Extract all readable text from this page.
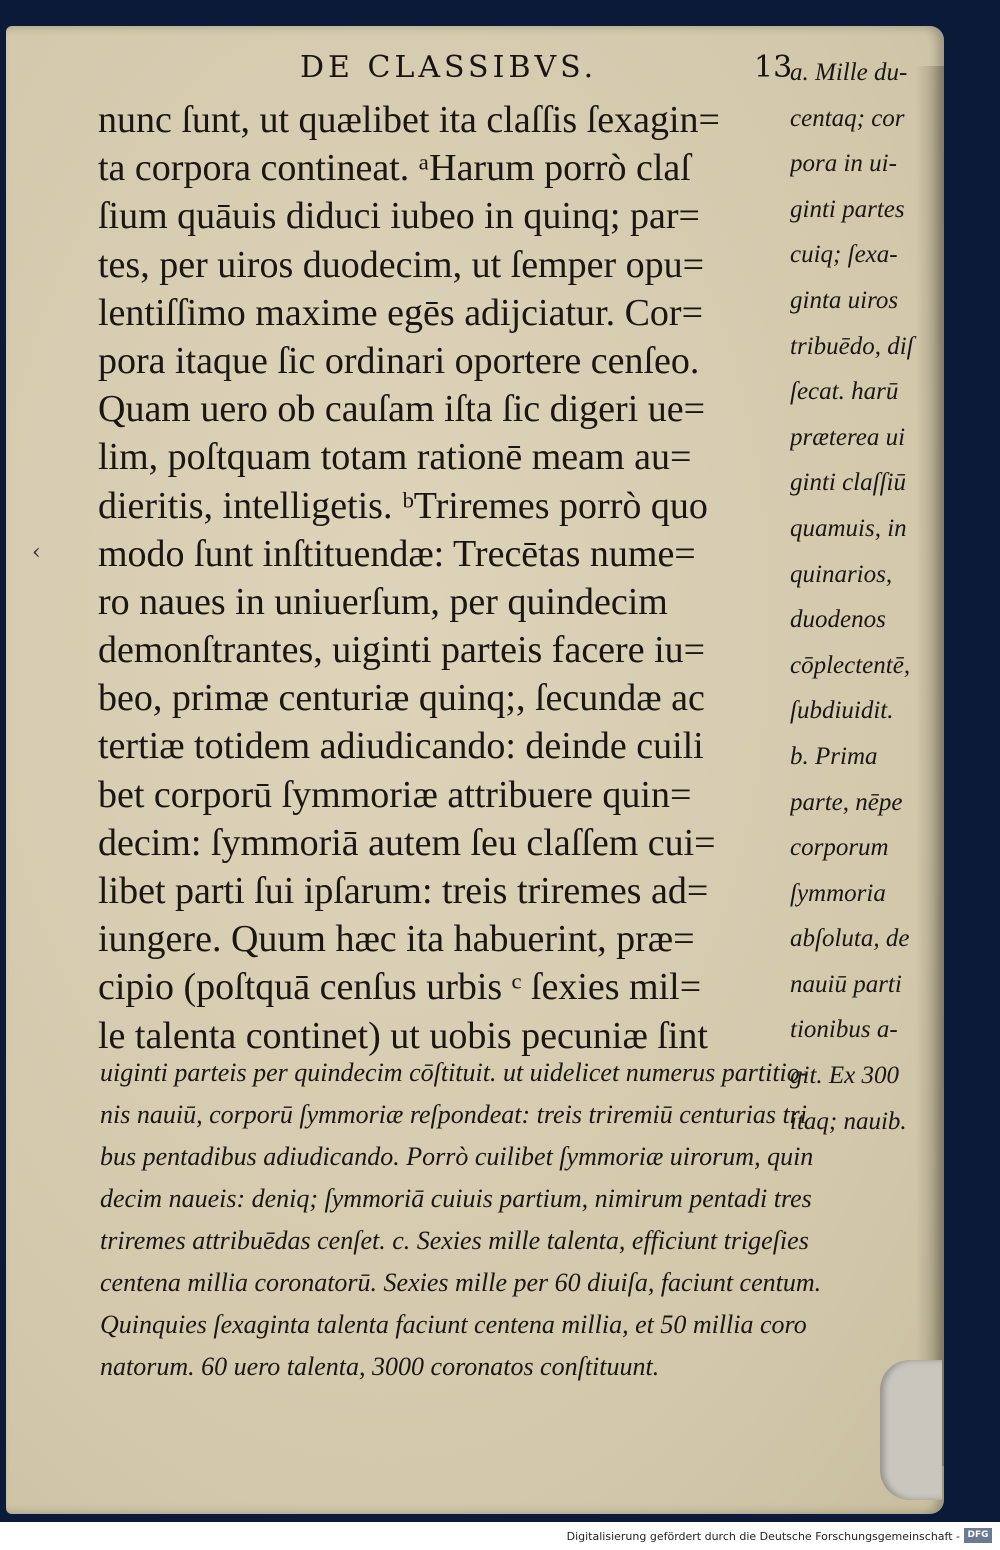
DE CLASSIBVS.	13
‹
nunc ſunt, ut quælibet ita claſſis ſexagin=
ta corpora contineat. ᵃHarum porrò claſ
ſium quāuis diduci iubeo in quinq; par=
tes, per uiros duodecim, ut ſemper opu=
lentiſſimo maxime egēs adijciatur. Cor=
pora itaque ſic ordinari oportere cenſeo.
Quam uero ob cauſam iſta ſic digeri ue=
lim, poſtquam totam rationē meam au=
dieritis, intelligetis. ᵇTriremes porrò quo
modo ſunt inſtituendæ: Trecētas nume=
ro naues in uniuerſum, per quindecim
demonſtrantes, uiginti parteis facere iu=
beo, primæ centuriæ quinq;, ſecundæ ac
tertiæ totidem adiudicando: deinde cuili
bet corporū ſymmoriæ attribuere quin=
decim: ſymmoriā autem ſeu claſſem cui=
libet parti ſui ipſarum: treis triremes ad=
iungere. Quum hæc ita habuerint, præ=
cipio (poſtquā cenſus urbis ᶜ ſexies mil=
le talenta continet) ut uobis pecuniæ ſint
a. Mille du-
centaq; cor
pora in ui-
ginti partes
cuiq; ſexa-
ginta uiros
tribuēdo, diſ
ſecat. harū
præterea ui
ginti claſſiū
quamuis, in
quinarios,
duodenos
cōplectentē,
ſubdiuidit.
b. Prima
parte, nēpe
corporum
ſymmoria
abſoluta, de
nauiū parti
tionibus a-
git. Ex 300
itaq; nauib.
uiginti parteis per quindecim cōſtituit. ut uidelicet numerus partitio-
nis nauiū, corporū ſymmoriæ reſpondeat: treis triremiū centurias tri
bus pentadibus adiudicando. Porrò cuilibet ſymmoriæ uirorum, quin
decim naueis: deniq; ſymmoriā cuiuis partium, nimirum pentadi tres
triremes attribuēdas cenſet. c. Sexies mille talenta, efficiunt trigeſies
centena millia coronatorū. Sexies mille per 60 diuiſa, faciunt centum.
Quinquies ſexaginta talenta faciunt centena millia, et 50 millia coro
natorum. 60 uero talenta, 3000 coronatos conſtituunt.
Digitalisierung gefördert durch die Deutsche Forschungsgemeinschaft - DFG
